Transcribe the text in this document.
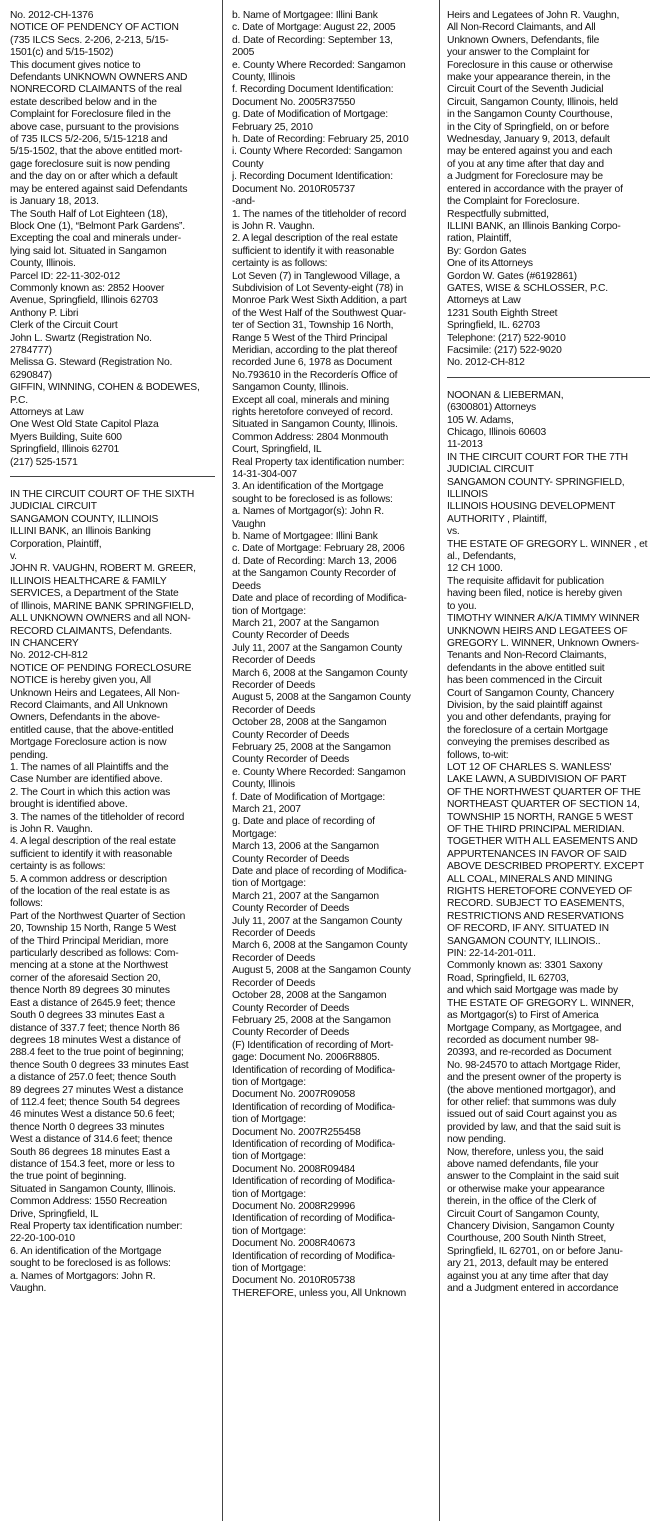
No. 2012-CH-1376
NOTICE OF PENDENCY OF ACTION
(735 ILCS Secs. 2-206, 2-213, 5/15-
1501(c) and 5/15-1502)
This document gives notice to
Defendants UNKNOWN OWNERS AND
NONRECORD CLAIMANTS of the real
estate described below and in the
Complaint for Foreclosure filed in the
above case, pursuant to the provisions
of 735 ILCS 5/2-206, 5/15-1218 and
5/15-1502, that the above entitled mort-
gage foreclosure suit is now pending
and the day on or after which a default
may be entered against said Defendants
is January 18, 2013.
The South Half of Lot Eighteen (18),
Block One (1), “Belmont Park Gardens”.
Excepting the coal and minerals under-
lying said lot. Situated in Sangamon
County, Illinois.
Parcel ID: 22-11-302-012
Commonly known as: 2852 Hoover
Avenue, Springfield, Illinois 62703
Anthony P. Libri
Clerk of the Circuit Court
John L. Swartz (Registration No.
2784777)
Melissa G. Steward (Registration No.
6290847)
GIFFIN, WINNING, COHEN & BODEWES,
P.C.
Attorneys at Law
One West Old State Capitol Plaza
Myers Building, Suite 600
Springfield, Illinois 62701
(217) 525-1571
IN THE CIRCUIT COURT OF THE SIXTH
JUDICIAL CIRCUIT
SANGAMON COUNTY, ILLINOIS
ILLINI BANK, an Illinois Banking
Corporation, Plaintiff,
v.
JOHN R. VAUGHN, ROBERT M. GREER,
ILLINOIS HEALTHCARE & FAMILY
SERVICES, a Department of the State
of Illinois, MARINE BANK SPRINGFIELD,
ALL UNKNOWN OWNERS and all NON-
RECORD CLAIMANTS, Defendants.
IN CHANCERY
No. 2012-CH-812
NOTICE OF PENDING FORECLOSURE
NOTICE is hereby given you, All
Unknown Heirs and Legatees, All Non-
Record Claimants, and All Unknown
Owners, Defendants in the above-
entitled cause, that the above-entitled
Mortgage Foreclosure action is now
pending.
1. The names of all Plaintiffs and the
Case Number are identified above.
2. The Court in which this action was
brought is identified above.
3. The names of the titleholder of record
is John R. Vaughn.
4. A legal description of the real estate
sufficient to identify it with reasonable
certainty is as follows:
5. A common address or description
of the location of the real estate is as
follows:
Part of the Northwest Quarter of Section
20, Township 15 North, Range 5 West
of the Third Principal Meridian, more
particularly described as follows: Com-
mencing at a stone at the Northwest
corner of the aforesaid Section 20,
thence North 89 degrees 30 minutes
East a distance of 2645.9 feet; thence
South 0 degrees 33 minutes East a
distance of 337.7 feet; thence North 86
degrees 18 minutes West a distance of
288.4 feet to the true point of beginning;
thence South 0 degrees 33 minutes East
a distance of 257.0 feet; thence South
89 degrees 27 minutes West a distance
of 112.4 feet; thence South 54 degrees
46 minutes West a distance 50.6 feet;
thence North 0 degrees 33 minutes
West a distance of 314.6 feet; thence
South 86 degrees 18 minutes East a
distance of 154.3 feet, more or less to
the true point of beginning.
Situated in Sangamon County, Illinois.
Common Address: 1550 Recreation
Drive, Springfield, IL
Real Property tax identification number:
22-20-100-010
6. An identification of the Mortgage
sought to be foreclosed is as follows:
a. Names of Mortgagors: John R.
Vaughn.
b. Name of Mortgagee: Illini Bank
c. Date of Mortgage: August 22, 2005
d. Date of Recording: September 13,
2005
e. County Where Recorded: Sangamon
County, Illinois
f. Recording Document Identification:
Document No. 2005R37550
g. Date of Modification of Mortgage:
February 25, 2010
h. Date of Recording: February 25, 2010
i. County Where Recorded: Sangamon
County
j. Recording Document Identification:
Document No. 2010R05737
-and-
1. The names of the titleholder of record
is John R. Vaughn.
2. A legal description of the real estate
sufficient to identify it with reasonable
certainty is as follows:
Lot Seven (7) in Tanglewood Village, a
Subdivision of Lot Seventy-eight (78) in
Monroe Park West Sixth Addition, a part
of the West Half of the Southwest Quar-
ter of Section 31, Township 16 North,
Range 5 West of the Third Principal
Meridian, according to the plat thereof
recorded June 6, 1978 as Document
No.793610 in the Recorderís Office of
Sangamon County, Illinois.
Except all coal, minerals and mining
rights heretofore conveyed of record.
Situated in Sangamon County, Illinois.
Common Address: 2804 Monmouth
Court, Springfield, IL
Real Property tax identification number:
14-31-304-007
3. An identification of the Mortgage
sought to be foreclosed is as follows:
a. Names of Mortgagor(s): John R.
Vaughn
b. Name of Mortgagee: Illini Bank
c. Date of Mortgage: February 28, 2006
d. Date of Recording: March 13, 2006
at the Sangamon County Recorder of
Deeds
Date and place of recording of Modifica-
tion of Mortgage:
March 21, 2007 at the Sangamon
County Recorder of Deeds
July 11, 2007 at the Sangamon County
Recorder of Deeds
March 6, 2008 at the Sangamon County
Recorder of Deeds
August 5, 2008 at the Sangamon County
Recorder of Deeds
October 28, 2008 at the Sangamon
County Recorder of Deeds
February 25, 2008 at the Sangamon
County Recorder of Deeds
e. County Where Recorded: Sangamon
County, Illinois
f. Date of Modification of Mortgage:
March 21, 2007
g. Date and place of recording of
Mortgage:
March 13, 2006 at the Sangamon
County Recorder of Deeds
Date and place of recording of Modifica-
tion of Mortgage:
March 21, 2007 at the Sangamon
County Recorder of Deeds
July 11, 2007 at the Sangamon County
Recorder of Deeds
March 6, 2008 at the Sangamon County
Recorder of Deeds
August 5, 2008 at the Sangamon County
Recorder of Deeds
October 28, 2008 at the Sangamon
County Recorder of Deeds
February 25, 2008 at the Sangamon
County Recorder of Deeds
(F) Identification of recording of Mort-
gage: Document No. 2006R8805.
Identification of recording of Modifica-
tion of Mortgage:
Document No. 2007R09058
Identification of recording of Modifica-
tion of Mortgage:
Document No. 2007R255458
Identification of recording of Modifica-
tion of Mortgage:
Document No. 2008R09484
Identification of recording of Modifica-
tion of Mortgage:
Document No. 2008R29996
Identification of recording of Modifica-
tion of Mortgage:
Document No. 2008R40673
Identification of recording of Modifica-
tion of Mortgage:
Document No. 2010R05738
THEREFORE, unless you, All Unknown
Heirs and Legatees of John R. Vaughn,
All Non-Record Claimants, and All
Unknown Owners, Defendants, file
your answer to the Complaint for
Foreclosure in this cause or otherwise
make your appearance therein, in the
Circuit Court of the Seventh Judicial
Circuit, Sangamon County, Illinois, held
in the Sangamon County Courthouse,
in the City of Springfield, on or before
Wednesday, January 9, 2013, default
may be entered against you and each
of you at any time after that day and
a Judgment for Foreclosure may be
entered in accordance with the prayer of
the Complaint for Foreclosure.
Respectfully submitted,
ILLINI BANK, an Illinois Banking Corpo-
ration, Plaintiff,
By: Gordon Gates
One of its Attorneys
Gordon W. Gates (#6192861)
GATES, WISE & SCHLOSSER, P.C.
Attorneys at Law
1231 South Eighth Street
Springfield, IL. 62703
Telephone: (217) 522-9010
Facsimile: (217) 522-9020
No. 2012-CH-812
NOONAN & LIEBERMAN,
(6300801) Attorneys
105 W. Adams,
Chicago, Illinois 60603
11-2013
IN THE CIRCUIT COURT FOR THE 7TH
JUDICIAL CIRCUIT
SANGAMON COUNTY- SPRINGFIELD,
ILLINOIS
ILLINOIS HOUSING DEVELOPMENT
AUTHORITY , Plaintiff,
vs.
THE ESTATE OF GREGORY L. WINNER , et
al., Defendants,
12 CH 1000.
The requisite affidavit for publication
having been filed, notice is hereby given
to you.
TIMOTHY WINNER A/K/A TIMMY WINNER
UNKNOWN HEIRS AND LEGATEES OF
GREGORY L. WINNER, Unknown Owners-
Tenants and Non-Record Claimants,
defendants in the above entitled suit
has been commenced in the Circuit
Court of Sangamon County, Chancery
Division, by the said plaintiff against
you and other defendants, praying for
the foreclosure of a certain Mortgage
conveying the premises described as
follows, to-wit:
LOT 12 OF CHARLES S. WANLESS'
LAKE LAWN, A SUBDIVISION OF PART
OF THE NORTHWEST QUARTER OF THE
NORTHEAST QUARTER OF SECTION 14,
TOWNSHIP 15 NORTH, RANGE 5 WEST
OF THE THIRD PRINCIPAL MERIDIAN.
TOGETHER WITH ALL EASEMENTS AND
APPURTENANCES IN FAVOR OF SAID
ABOVE DESCRIBED PROPERTY. EXCEPT
ALL COAL, MINERALS AND MINING
RIGHTS HERETOFORE CONVEYED OF
RECORD. SUBJECT TO EASEMENTS,
RESTRICTIONS AND RESERVATIONS
OF RECORD, IF ANY. SITUATED IN
SANGAMON COUNTY, ILLINOIS..
PIN: 22-14-201-011.
Commonly known as: 3301 Saxony
Road, Springfield, IL 62703,
and which said Mortgage was made by
THE ESTATE OF GREGORY L. WINNER,
as Mortgagor(s) to First of America
Mortgage Company, as Mortgagee, and
recorded as document number 98-
20393, and re-recorded as Document
No. 98-24570 to attach Mortgage Rider,
and the present owner of the property is
(the above mentioned mortgagor), and
for other relief: that summons was duly
issued out of said Court against you as
provided by law, and that the said suit is
now pending.
Now, therefore, unless you, the said
above named defendants, file your
answer to the Complaint in the said suit
or otherwise make your appearance
therein, in the office of the Clerk of
Circuit Court of Sangamon County,
Chancery Division, Sangamon County
Courthouse, 200 South Ninth Street,
Springfield, IL 62701, on or before Janu-
ary 21, 2013, default may be entered
against you at any time after that day
and a Judgment entered in accordance
